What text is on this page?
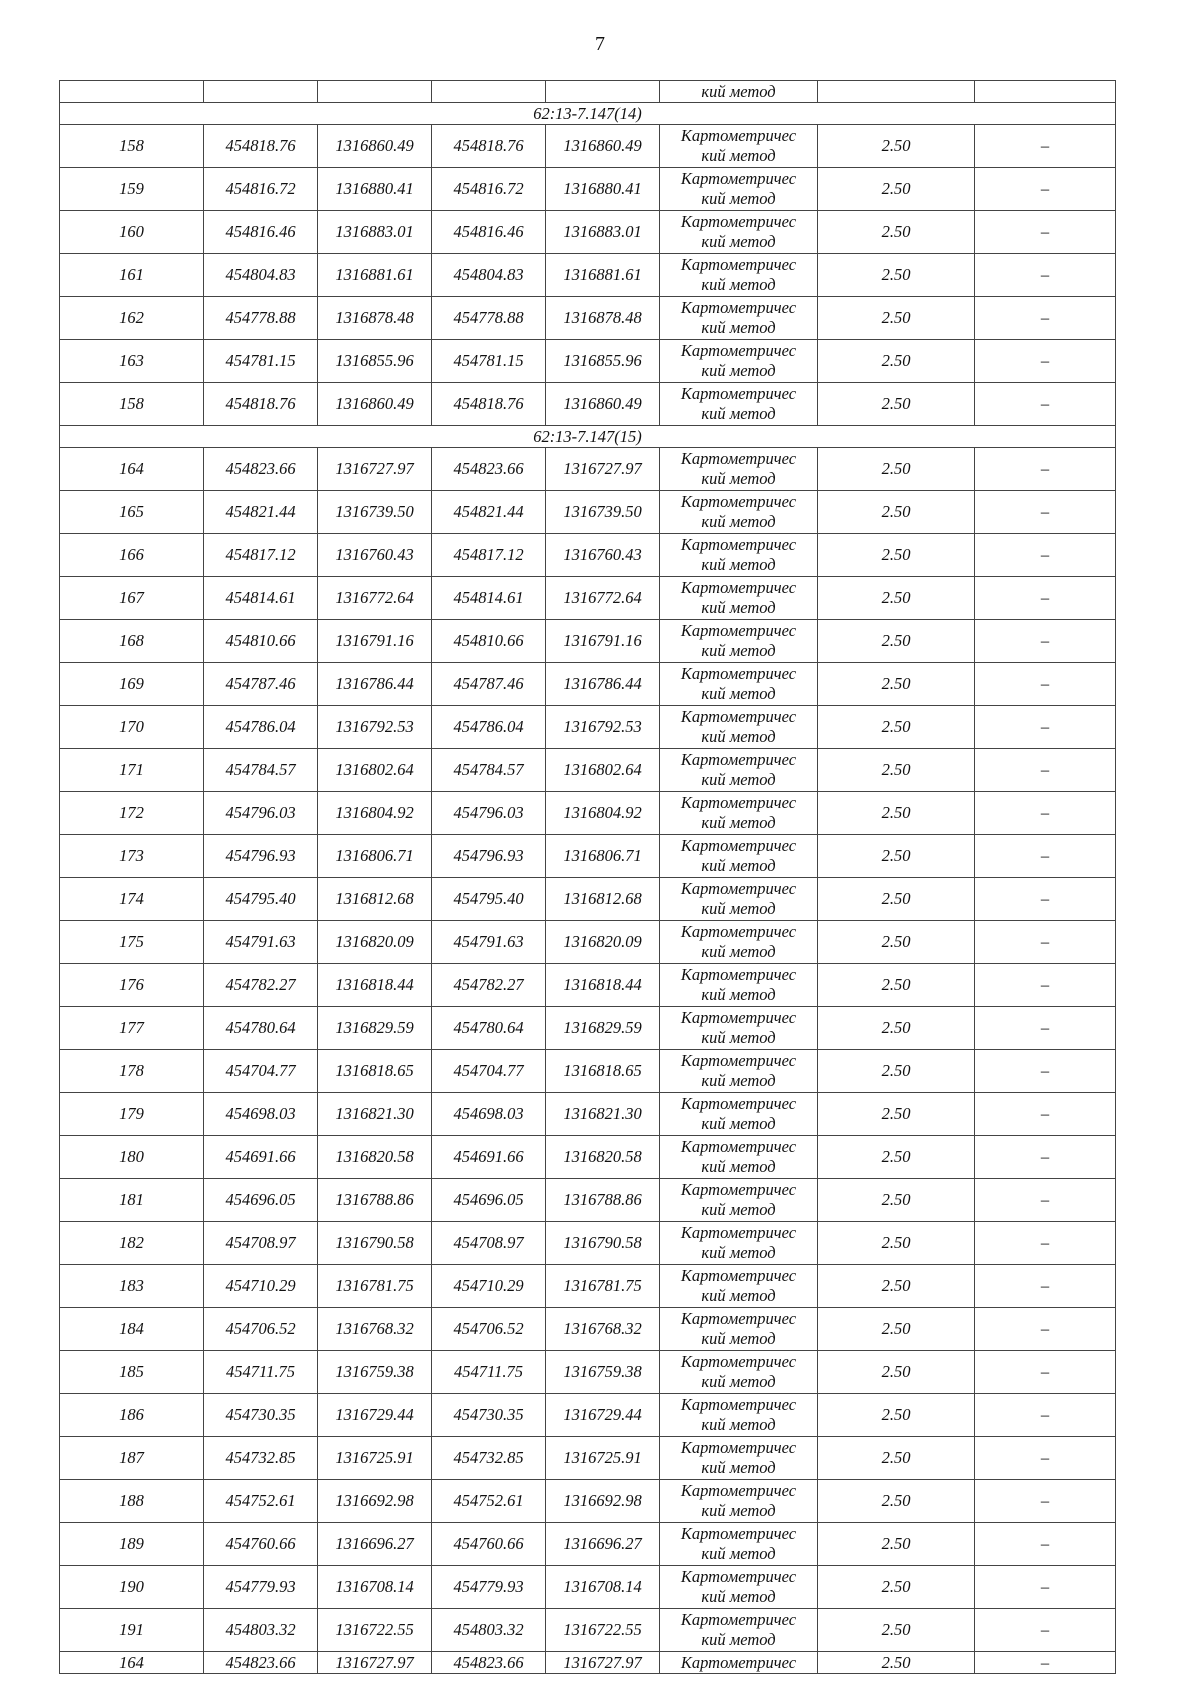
7
					кий метод		
62:13-7.147(14)							
158	454818.76	1316860.49	454818.76	1316860.49	Картометричес
кий метод	2.50	–
159	454816.72	1316880.41	454816.72	1316880.41	Картометричес
кий метод	2.50	–
160	454816.46	1316883.01	454816.46	1316883.01	Картометричес
кий метод	2.50	–
161	454804.83	1316881.61	454804.83	1316881.61	Картометричес
кий метод	2.50	–
162	454778.88	1316878.48	454778.88	1316878.48	Картометричес
кий метод	2.50	–
163	454781.15	1316855.96	454781.15	1316855.96	Картометричес
кий метод	2.50	–
158	454818.76	1316860.49	454818.76	1316860.49	Картометричес
кий метод	2.50	–
62:13-7.147(15)							
164	454823.66	1316727.97	454823.66	1316727.97	Картометричес
кий метод	2.50	–
165	454821.44	1316739.50	454821.44	1316739.50	Картометричес
кий метод	2.50	–
166	454817.12	1316760.43	454817.12	1316760.43	Картометричес
кий метод	2.50	–
167	454814.61	1316772.64	454814.61	1316772.64	Картометричес
кий метод	2.50	–
168	454810.66	1316791.16	454810.66	1316791.16	Картометричес
кий метод	2.50	–
169	454787.46	1316786.44	454787.46	1316786.44	Картометричес
кий метод	2.50	–
170	454786.04	1316792.53	454786.04	1316792.53	Картометричес
кий метод	2.50	–
171	454784.57	1316802.64	454784.57	1316802.64	Картометричес
кий метод	2.50	–
172	454796.03	1316804.92	454796.03	1316804.92	Картометричес
кий метод	2.50	–
173	454796.93	1316806.71	454796.93	1316806.71	Картометричес
кий метод	2.50	–
174	454795.40	1316812.68	454795.40	1316812.68	Картометричес
кий метод	2.50	–
175	454791.63	1316820.09	454791.63	1316820.09	Картометричес
кий метод	2.50	–
176	454782.27	1316818.44	454782.27	1316818.44	Картометричес
кий метод	2.50	–
177	454780.64	1316829.59	454780.64	1316829.59	Картометричес
кий метод	2.50	–
178	454704.77	1316818.65	454704.77	1316818.65	Картометричес
кий метод	2.50	–
179	454698.03	1316821.30	454698.03	1316821.30	Картометричес
кий метод	2.50	–
180	454691.66	1316820.58	454691.66	1316820.58	Картометричес
кий метод	2.50	–
181	454696.05	1316788.86	454696.05	1316788.86	Картометричес
кий метод	2.50	–
182	454708.97	1316790.58	454708.97	1316790.58	Картометричес
кий метод	2.50	–
183	454710.29	1316781.75	454710.29	1316781.75	Картометричес
кий метод	2.50	–
184	454706.52	1316768.32	454706.52	1316768.32	Картометричес
кий метод	2.50	–
185	454711.75	1316759.38	454711.75	1316759.38	Картометричес
кий метод	2.50	–
186	454730.35	1316729.44	454730.35	1316729.44	Картометричес
кий метод	2.50	–
187	454732.85	1316725.91	454732.85	1316725.91	Картометричес
кий метод	2.50	–
188	454752.61	1316692.98	454752.61	1316692.98	Картометричес
кий метод	2.50	–
189	454760.66	1316696.27	454760.66	1316696.27	Картометричес
кий метод	2.50	–
190	454779.93	1316708.14	454779.93	1316708.14	Картометричес
кий метод	2.50	–
191	454803.32	1316722.55	454803.32	1316722.55	Картометричес
кий метод	2.50	–
164	454823.66	1316727.97	454823.66	1316727.97	Картометричес	2.50	–
